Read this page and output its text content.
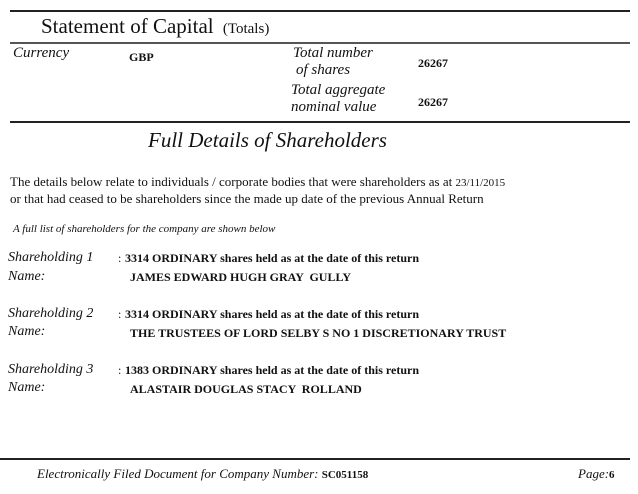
Statement of Capital (Totals)
Currency	GBP	Total number
of shares	26267
Total aggregate
nominal value	26267
Full Details of Shareholders
The details below relate to individuals / corporate bodies that were shareholders as at 23/11/2015
or that had ceased to be shareholders since the made up date of the previous Annual Return
A full list of shareholders for the company are shown below
Shareholding 1 : 3314 ORDINARY shares held as at the date of this return
Name:	JAMES EDWARD HUGH GRAY  GULLY
Shareholding 2 : 3314 ORDINARY shares held as at the date of this return
Name:	THE TRUSTEES OF LORD SELBY S NO 1 DISCRETIONARY TRUST
Shareholding 3 : 1383 ORDINARY shares held as at the date of this return
Name:	ALASTAIR DOUGLAS STACY  ROLLAND
Electronically Filed Document for Company Number: SC051158	Page:6
